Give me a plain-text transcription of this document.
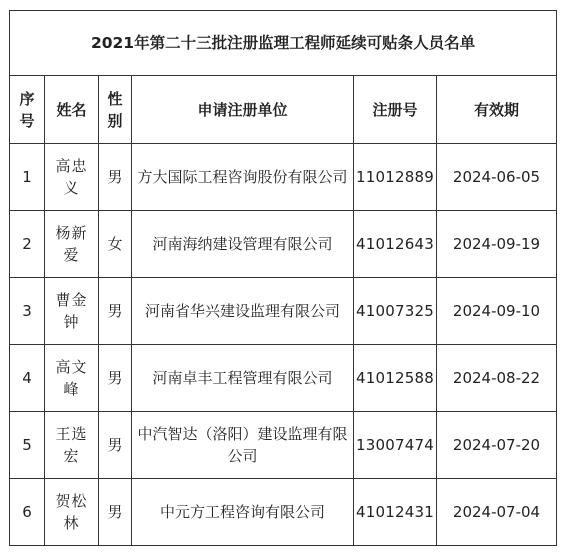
2021年第二十三批注册监理工程师延续可贴条人员名单					
序号	姓名	性别	申请注册单位	注册号	有效期
1	高忠义	男	方大国际工程咨询股份有限公司	11012889	2024-06-05
2	杨新爱	女	河南海纳建设管理有限公司	41012643	2024-09-19
3	曹金钟	男	河南省华兴建设监理有限公司	41007325	2024-09-10
4	高文峰	男	河南卓丰工程管理有限公司	41012588	2024-08-22
5	王选宏	男	中汽智达（洛阳）建设监理有限公司	13007474	2024-07-20
6	贺松林	男	中元方工程咨询有限公司	41012431	2024-07-04
